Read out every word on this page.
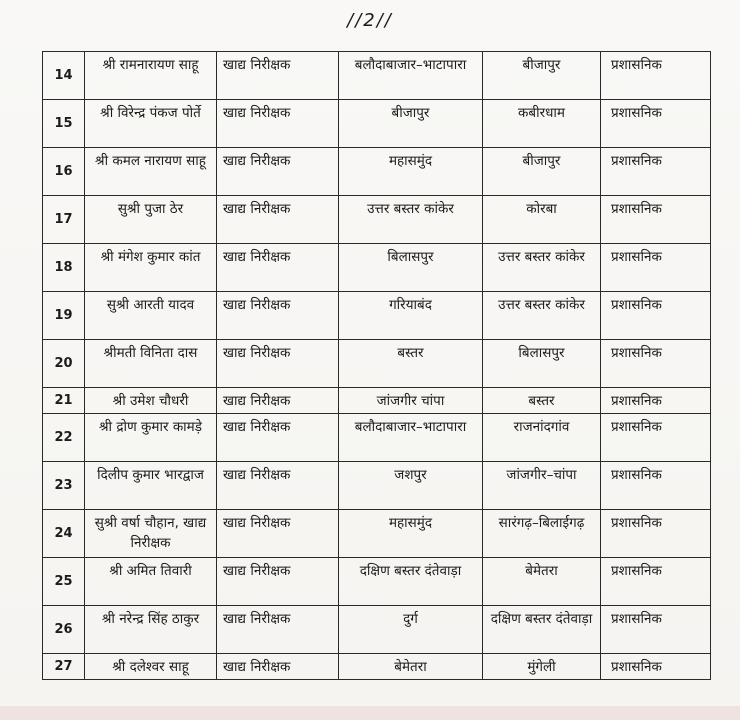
//2//
14	श्री रामनारायण साहू	खाद्य निरीक्षक	बलौदाबाजार–भाटापारा	बीजापुर	प्रशासनिक
15	श्री विरेन्द्र पंकज पोर्ते	खाद्य निरीक्षक	बीजापुर	कबीरधाम	प्रशासनिक
16	श्री कमल नारायण साहू	खाद्य निरीक्षक	महासमुंद	बीजापुर	प्रशासनिक
17	सुश्री पुजा ठेर	खाद्य निरीक्षक	उत्तर बस्तर कांकेर	कोरबा	प्रशासनिक
18	श्री मंगेश कुमार कांत	खाद्य निरीक्षक	बिलासपुर	उत्तर बस्तर कांकेर	प्रशासनिक
19	सुश्री आरती यादव	खाद्य निरीक्षक	गरियाबंद	उत्तर बस्तर कांकेर	प्रशासनिक
20	श्रीमती विनिता दास	खाद्य निरीक्षक	बस्तर	बिलासपुर	प्रशासनिक
21	श्री उमेश चौधरी	खाद्य निरीक्षक	जांजगीर चांपा	बस्तर	प्रशासनिक
22	श्री द्रोण कुमार कामड़े	खाद्य निरीक्षक	बलौदाबाजार–भाटापारा	राजनांदगांव	प्रशासनिक
23	दिलीप कुमार भारद्वाज	खाद्य निरीक्षक	जशपुर	जांजगीर–चांपा	प्रशासनिक
24	सुश्री वर्षा चौहान, खाद्य निरीक्षक	खाद्य निरीक्षक	महासमुंद	सारंगढ़–बिलाईगढ़	प्रशासनिक
25	श्री अमित तिवारी	खाद्य निरीक्षक	दक्षिण बस्तर दंतेवाड़ा	बेमेतरा	प्रशासनिक
26	श्री नरेन्द्र सिंह ठाकुर	खाद्य निरीक्षक	दुर्ग	दक्षिण बस्तर दंतेवाड़ा	प्रशासनिक
27	श्री दलेश्वर साहू	खाद्य निरीक्षक	बेमेतरा	मुंगेली	प्रशासनिक
